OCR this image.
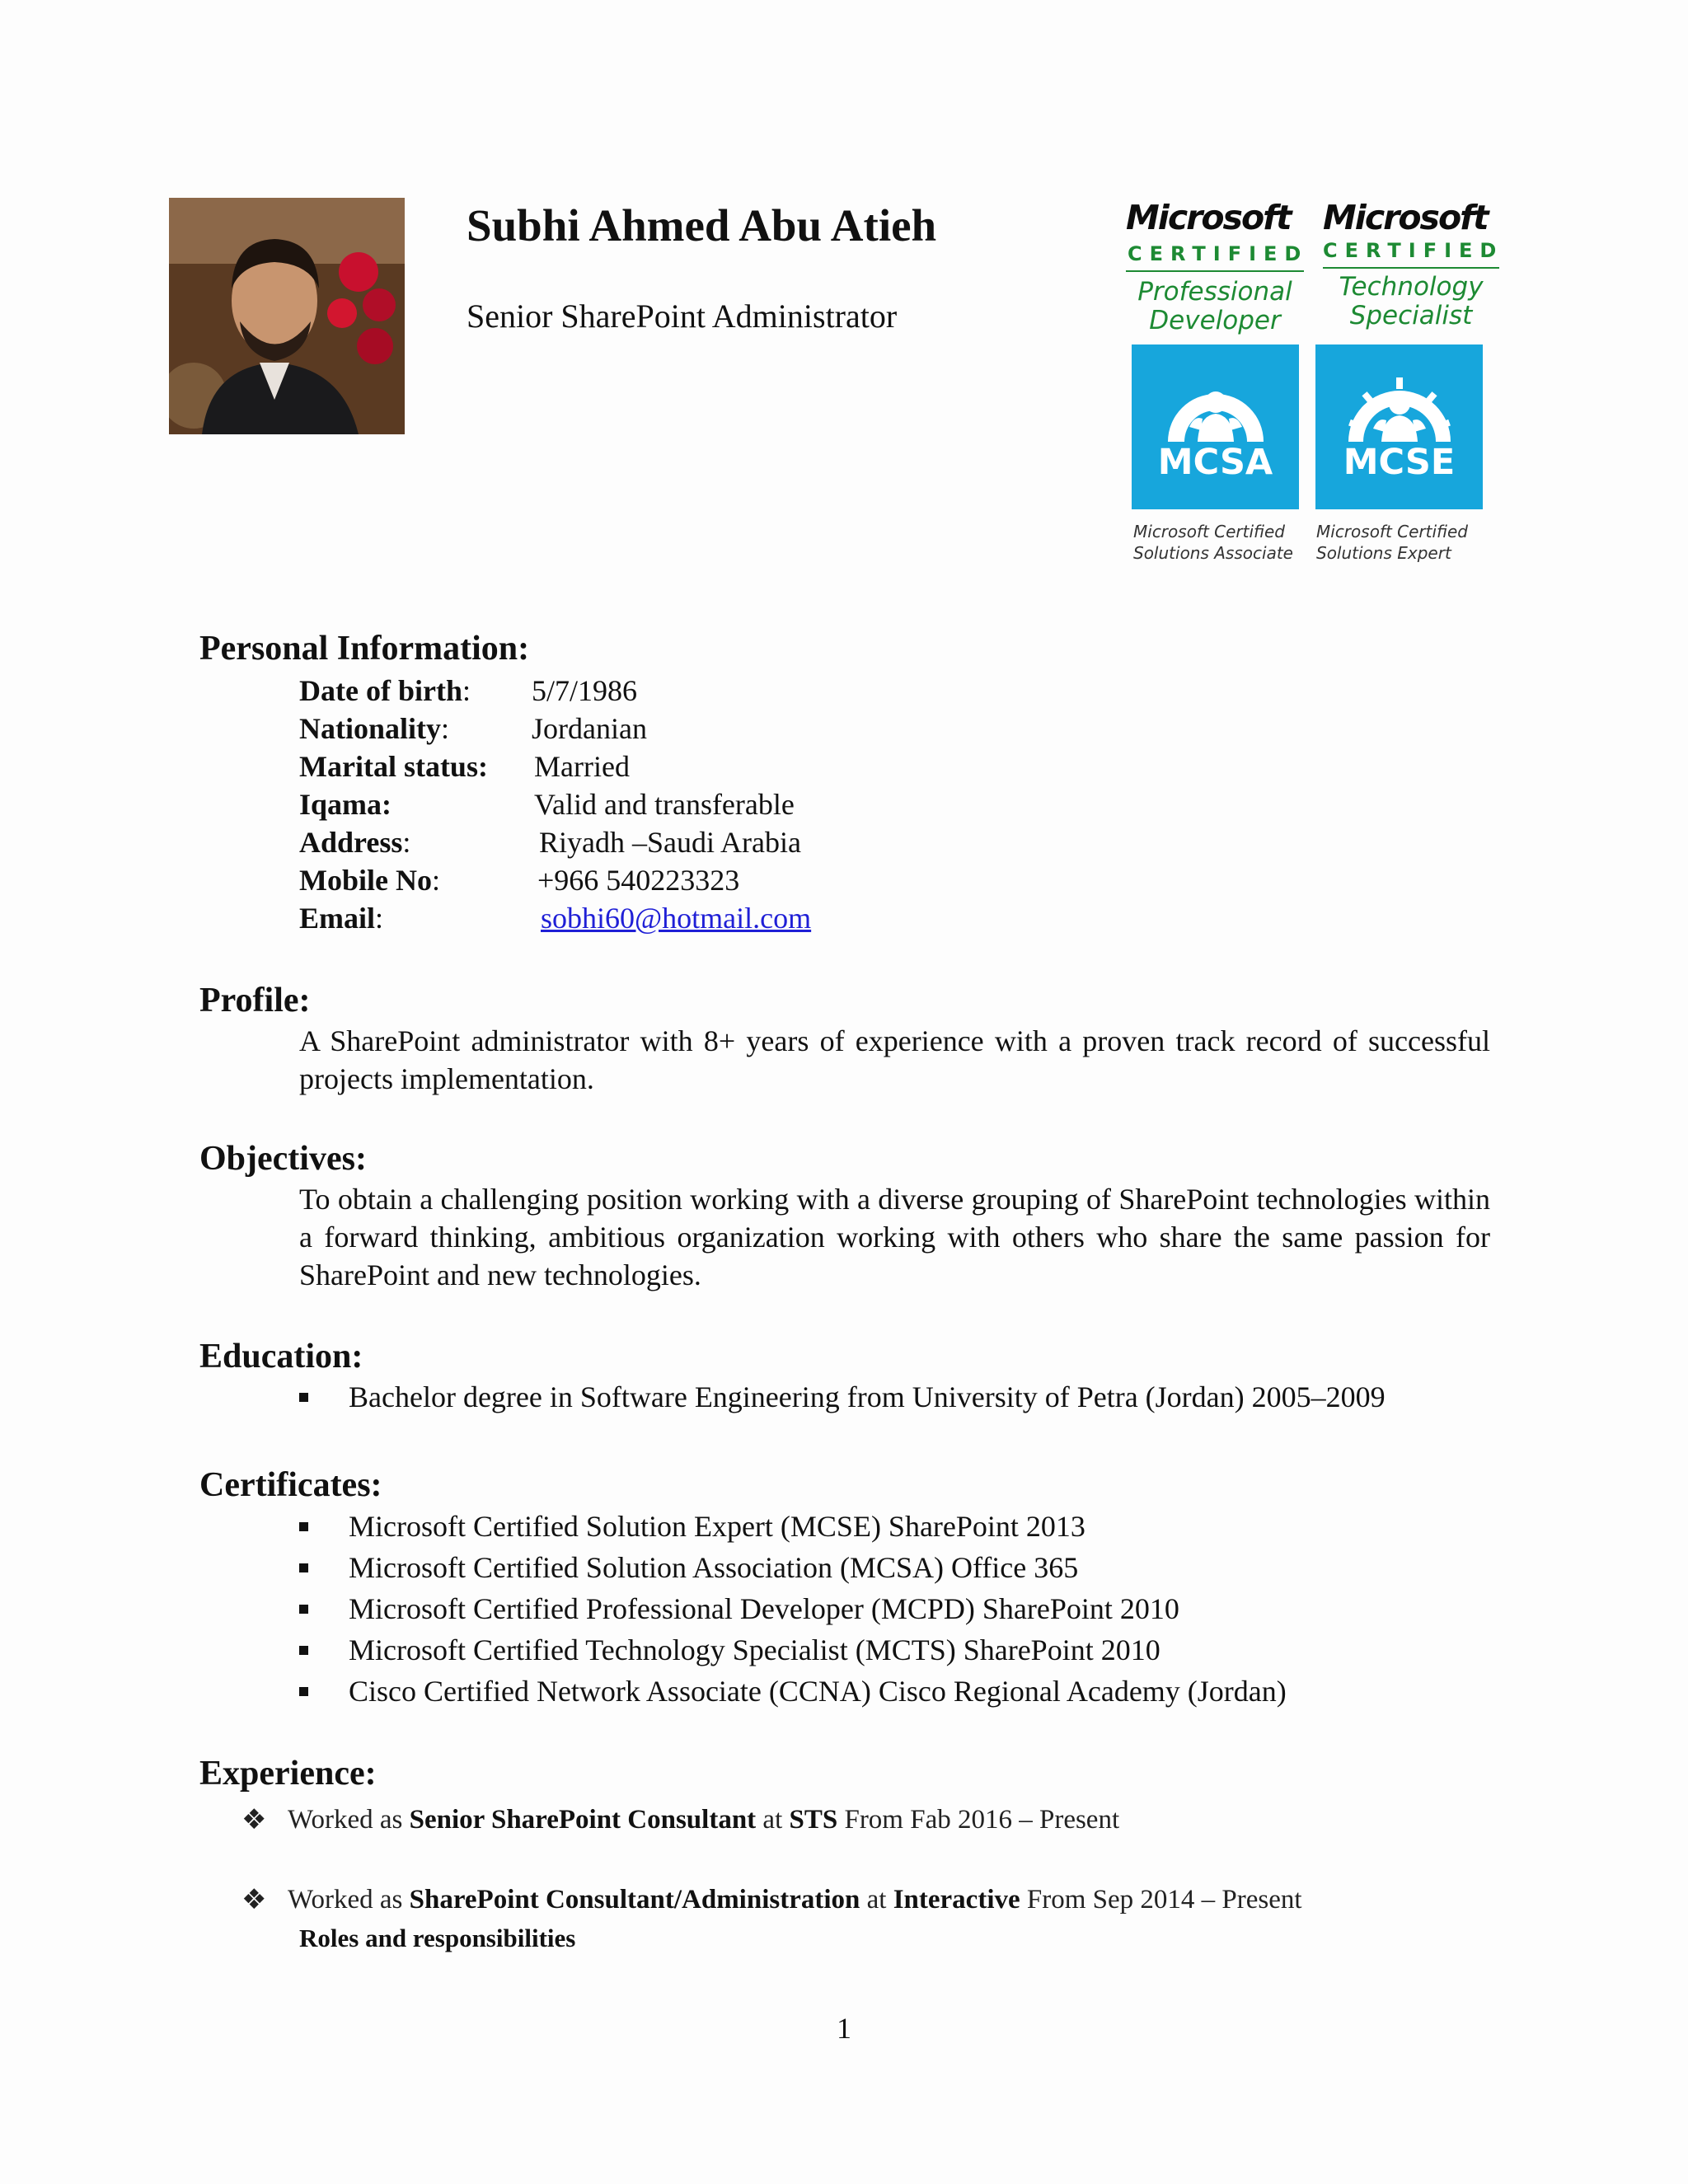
Subhi Ahmed Abu Atieh
Senior SharePoint Administrator
Microsoft
CERTIFIED
Professional Developer
Microsoft
CERTIFIED
Technology Specialist
MCSA
Microsoft Certified
Solutions Associate
MCSE
Microsoft Certified
Solutions Expert
Personal Information:
Date of birth: 5/7/1986
Nationality:	Jordanian
Marital status: Married
Iqama:	Valid and transferable
Address:	Riyadh –Saudi Arabia
Mobile No:	+966 540223323
Email:	sobhi60@hotmail.com
Profile:
A SharePoint administrator with 8+ years of experience with a proven track record of successful projects implementation.
Objectives:
To obtain a challenging position working with a diverse grouping of SharePoint technologies within a forward thinking, ambitious organization working with others who share the same passion for SharePoint and new technologies.
Education:
Bachelor degree in Software Engineering from University of Petra (Jordan) 2005–2009
Certificates:
Microsoft Certified Solution Expert (MCSE) SharePoint 2013
Microsoft Certified Solution Association (MCSA) Office 365
Microsoft Certified Professional Developer (MCPD) SharePoint 2010
Microsoft Certified Technology Specialist (MCTS) SharePoint 2010
Cisco Certified Network Associate (CCNA) Cisco Regional Academy (Jordan)
Experience:
❖ Worked as Senior SharePoint Consultant at STS From Fab 2016 – Present
❖ Worked as SharePoint Consultant/Administration at Interactive From Sep 2014 – Present
Roles and responsibilities
1
